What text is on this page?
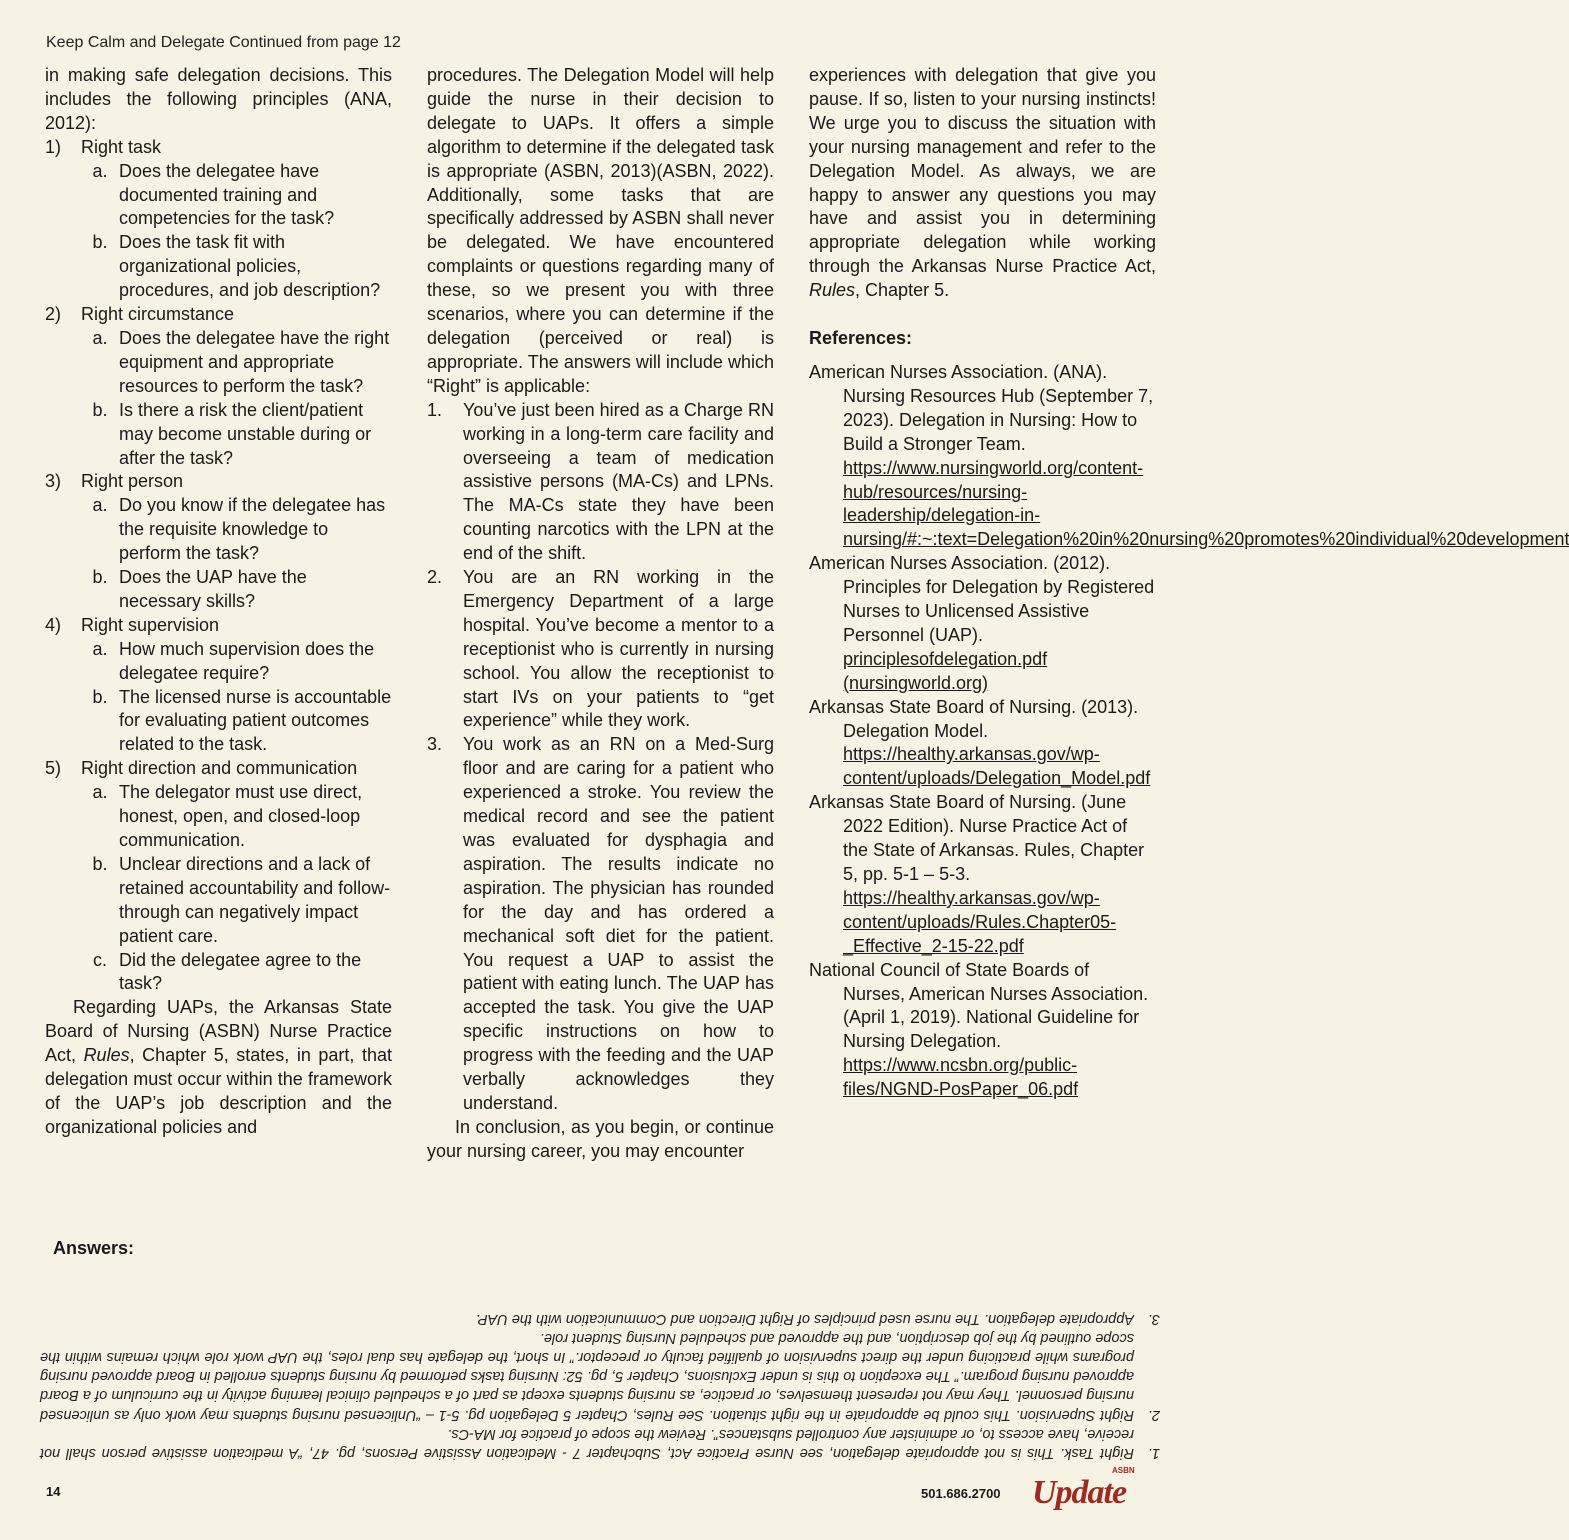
Keep Calm and Delegate Continued from page 12

in making safe delegation decisions. This includes the following principles (ANA, 2012):

1)	Right task
a. Does the delegatee have documented training and competencies for the task?
b. Does the task fit with organizational policies, procedures, and job description?
2)	Right circumstance
a. Does the delegatee have the right equipment and appropriate resources to perform the task?
b. Is there a risk the client/patient may become unstable during or after the task?
3)	Right person
a. Do you know if the delegatee has the requisite knowledge to perform the task?
b. Does the UAP have the necessary skills?
4)	Right supervision
a. How much supervision does the delegatee require?
b. The licensed nurse is accountable for evaluating patient outcomes related to the task.
5)	Right direction and communication
a. The delegator must use direct, honest, open, and closed-loop communication.
b. Unclear directions and a lack of retained accountability and follow-through can negatively impact patient care.
c. Did the delegatee agree to the task?

Regarding UAPs, the Arkansas State Board of Nursing (ASBN) Nurse Practice Act, Rules, Chapter 5, states, in part, that delegation must occur within the framework of the UAP’s job description and the organizational policies and

procedures. The Delegation Model will help guide the nurse in their decision to delegate to UAPs. It offers a simple algorithm to determine if the delegated task is appropriate (ASBN, 2013)(ASBN, 2022). Additionally, some tasks that are specifically addressed by ASBN shall never be delegated. We have encountered complaints or questions regarding many of these, so we present you with three scenarios, where you can determine if the delegation (perceived or real) is appropriate. The answers will include which “Right” is applicable:

1.	You’ve just been hired as a Charge RN working in a long-term care facility and overseeing a team of medication assistive persons (MA-Cs) and LPNs. The MA-Cs state they have been counting narcotics with the LPN at the end of the shift.
2.	You are an RN working in the Emergency Department of a large hospital. You’ve become a mentor to a receptionist who is currently in nursing school. You allow the receptionist to start IVs on your patients to “get experience” while they work.
3.	You work as an RN on a Med-Surg floor and are caring for a patient who experienced a stroke. You review the medical record and see the patient was evaluated for dysphagia and aspiration. The results indicate no aspiration. The physician has rounded for the day and has ordered a mechanical soft diet for the patient. You request a UAP to assist the patient with eating lunch. The UAP has accepted the task. You give the UAP specific instructions on how to progress with the feeding and the UAP verbally acknowledges they understand.

In conclusion, as you begin, or continue your nursing career, you may encounter

experiences with delegation that give you pause. If so, listen to your nursing instincts! We urge you to discuss the situation with your nursing management and refer to the Delegation Model. As always, we are happy to answer any questions you may have and assist you in determining appropriate delegation while working through the Arkansas Nurse Practice Act, Rules, Chapter 5.

References:

American Nurses Association. (ANA). Nursing Resources Hub (September 7, 2023). Delegation in Nursing: How to Build a Stronger Team. https://www.nursingworld.org/content-hub/resources/nursing-leadership/delegation-in-nursing/#:~:text=Delegation%20in%20nursing%20promotes%20individual%20development

American Nurses Association. (2012). Principles for Delegation by Registered Nurses to Unlicensed Assistive Personnel (UAP). principlesofdelegation.pdf (nursingworld.org)

Arkansas State Board of Nursing. (2013). Delegation Model. https://healthy.arkansas.gov/wp-content/uploads/Delegation_Model.pdf

Arkansas State Board of Nursing. (June 2022 Edition). Nurse Practice Act of the State of Arkansas. Rules, Chapter 5, pp. 5-1 – 5-3. https://healthy.arkansas.gov/wp-content/uploads/Rules.Chapter05-_Effective_2-15-22.pdf

National Council of State Boards of Nurses, American Nurses Association. (April 1, 2019). National Guideline for Nursing Delegation. https://www.ncsbn.org/public-files/NGND-PosPaper_06.pdf

Answers:

1.
Right Task. This is not appropriate delegation, see Nurse Practice Act, Subchapter 7 - Medication Assistive Persons, pg. 47, “A medication assistive person shall not receive, have access to, or administer any controlled substances”. Review the scope of practice for MA-Cs.

2.
Right Supervision. This could be appropriate in the right situation. See Rules, Chapter 5 Delegation pg. 5-1 – “Unlicensed nursing students may work only as unlicensed nursing personnel. They may not represent themselves, or practice, as nursing students except as part of a scheduled clinical learning activity in the curriculum of a Board approved nursing program.” The exception to this is under Exclusions, Chapter 5, pg. 52: Nursing tasks performed by nursing students enrolled in Board approved nursing programs while practicing under the direct supervision of qualified faculty or preceptor.” In short, the delegate has dual roles, the UAP work role which remains within the scope outlined by the job description, and the approved and scheduled Nursing Student role.

3.
Appropriate delegation. The nurse used principles of Right Direction and Communication with the UAP.

14	501.686.2700
ASBN
Update
